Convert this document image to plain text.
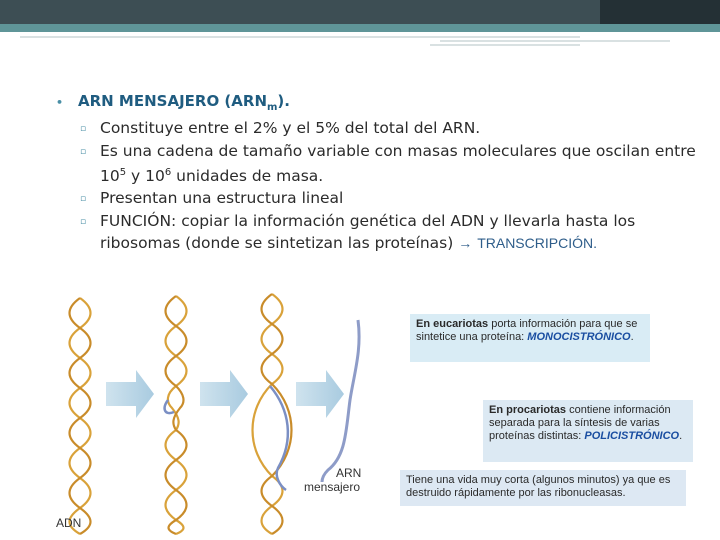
• ARN MENSAJERO $(ARN_m)$.
▫ Constituye entre el 2% y el 5% del total del ARN.
▫ Es una cadena de tamaño variable con masas moleculares que oscilan entre $10^5$ y $10^6$ unidades de masa.
▫ Presentan una estructura lineal
▫ FUNCIÓN: copiar la información genética del ADN y llevarla hasta los ribosomas (donde se sintetizan las proteínas) → TRANSCRIPCIÓN.
ADN
ARN
mensajero
En eucariotas porta información para que se sintetice una proteína: MONOCISTRÓNICO.
En procariotas contiene información separada para la síntesis de varias proteínas distintas: POLICISTRÓNICO.
Tiene una vida muy corta (algunos minutos) ya que es destruido rápidamente por las ribonucleasas.
